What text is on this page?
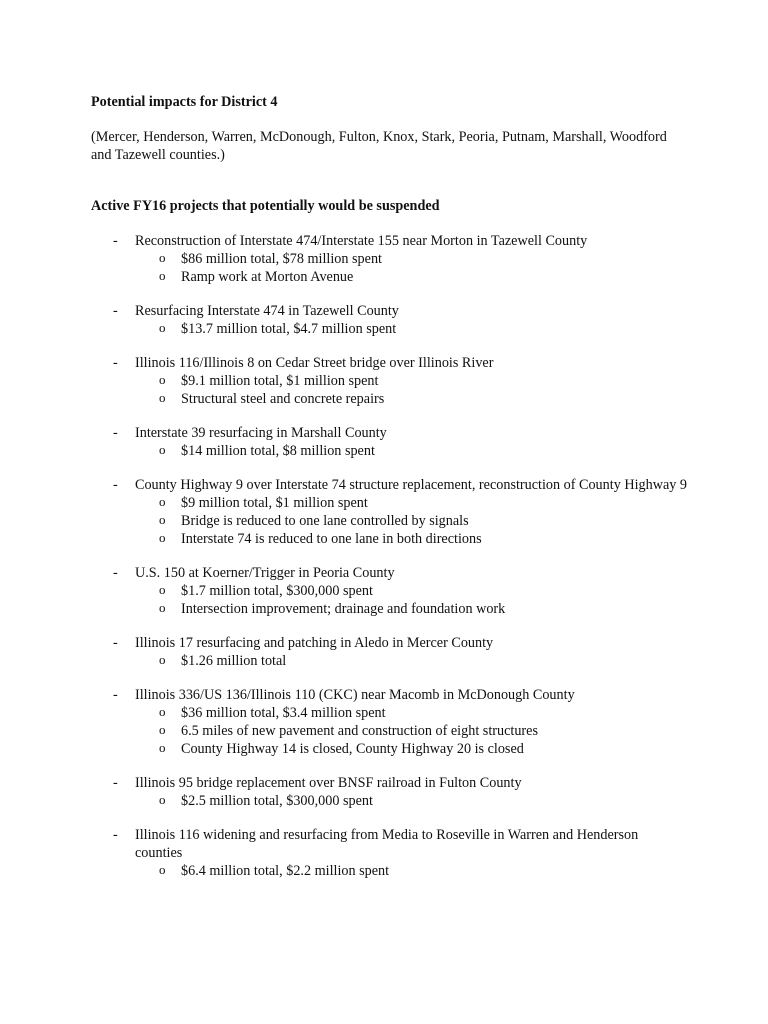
Potential impacts for District 4

(Mercer, Henderson, Warren, McDonough, Fulton, Knox, Stark, Peoria, Putnam, Marshall, Woodford and Tazewell counties.)

Active FY16 projects that potentially would be suspended

- Reconstruction of Interstate 474/Interstate 155 near Morton in Tazewell County
o $86 million total, $78 million spent
o Ramp work at Morton Avenue
- Resurfacing Interstate 474 in Tazewell County
o $13.7 million total, $4.7 million spent
- Illinois 116/Illinois 8 on Cedar Street bridge over Illinois River
o $9.1 million total, $1 million spent
o Structural steel and concrete repairs
- Interstate 39 resurfacing in Marshall County
o $14 million total, $8 million spent
- County Highway 9 over Interstate 74 structure replacement, reconstruction of County Highway 9
o $9 million total, $1 million spent
o Bridge is reduced to one lane controlled by signals
o Interstate 74 is reduced to one lane in both directions
- U.S. 150 at Koerner/Trigger in Peoria County
o $1.7 million total, $300,000 spent
o Intersection improvement; drainage and foundation work
- Illinois 17 resurfacing and patching in Aledo in Mercer County
o $1.26 million total
- Illinois 336/US 136/Illinois 110 (CKC) near Macomb in McDonough County
o $36 million total, $3.4 million spent
o 6.5 miles of new pavement and construction of eight structures
o County Highway 14 is closed, County Highway 20 is closed
- Illinois 95 bridge replacement over BNSF railroad in Fulton County
o $2.5 million total, $300,000 spent
- Illinois 116 widening and resurfacing from Media to Roseville in Warren and Henderson counties
o $6.4 million total, $2.2 million spent
